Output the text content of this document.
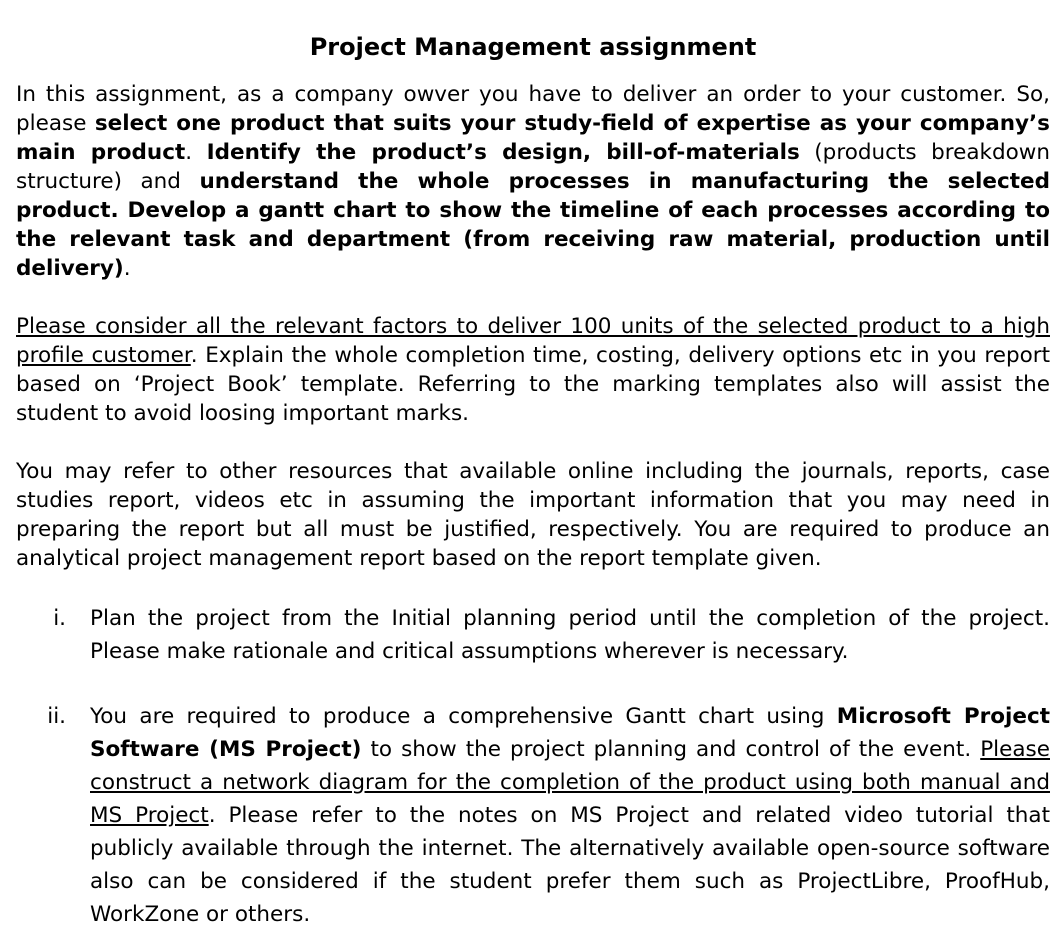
Project Management assignment

In this assignment, as a company owver you have to deliver an order to your customer. So, please select one product that suits your study-field of expertise as your company’s main product. Identify the product’s design, bill-of-materials (products breakdown structure) and understand the whole processes in manufacturing the selected product. Develop a gantt chart to show the timeline of each processes according to the relevant task and department (from receiving raw material, production until delivery).

Please consider all the relevant factors to deliver 100 units of the selected product to a high profile customer. Explain the whole completion time, costing, delivery options etc in you report based on ‘Project Book’ template. Referring to the marking templates also will assist the student to avoid loosing important marks.

You may refer to other resources that available online including the journals, reports, case studies report, videos etc in assuming the important information that you may need in preparing the report but all must be justified, respectively. You are required to produce an analytical project management report based on the report template given.

i.	Plan the project from the Initial planning period until the completion of the project. Please make rationale and critical assumptions wherever is necessary.
ii.	You are required to produce a comprehensive Gantt chart using Microsoft Project Software (MS Project) to show the project planning and control of the event. Please construct a network diagram for the completion of the product using both manual and MS Project. Please refer to the notes on MS Project and related video tutorial that publicly available through the internet. The alternatively available open-source software also can be considered if the student prefer them such as ProjectLibre, ProofHub, WorkZone or others.
